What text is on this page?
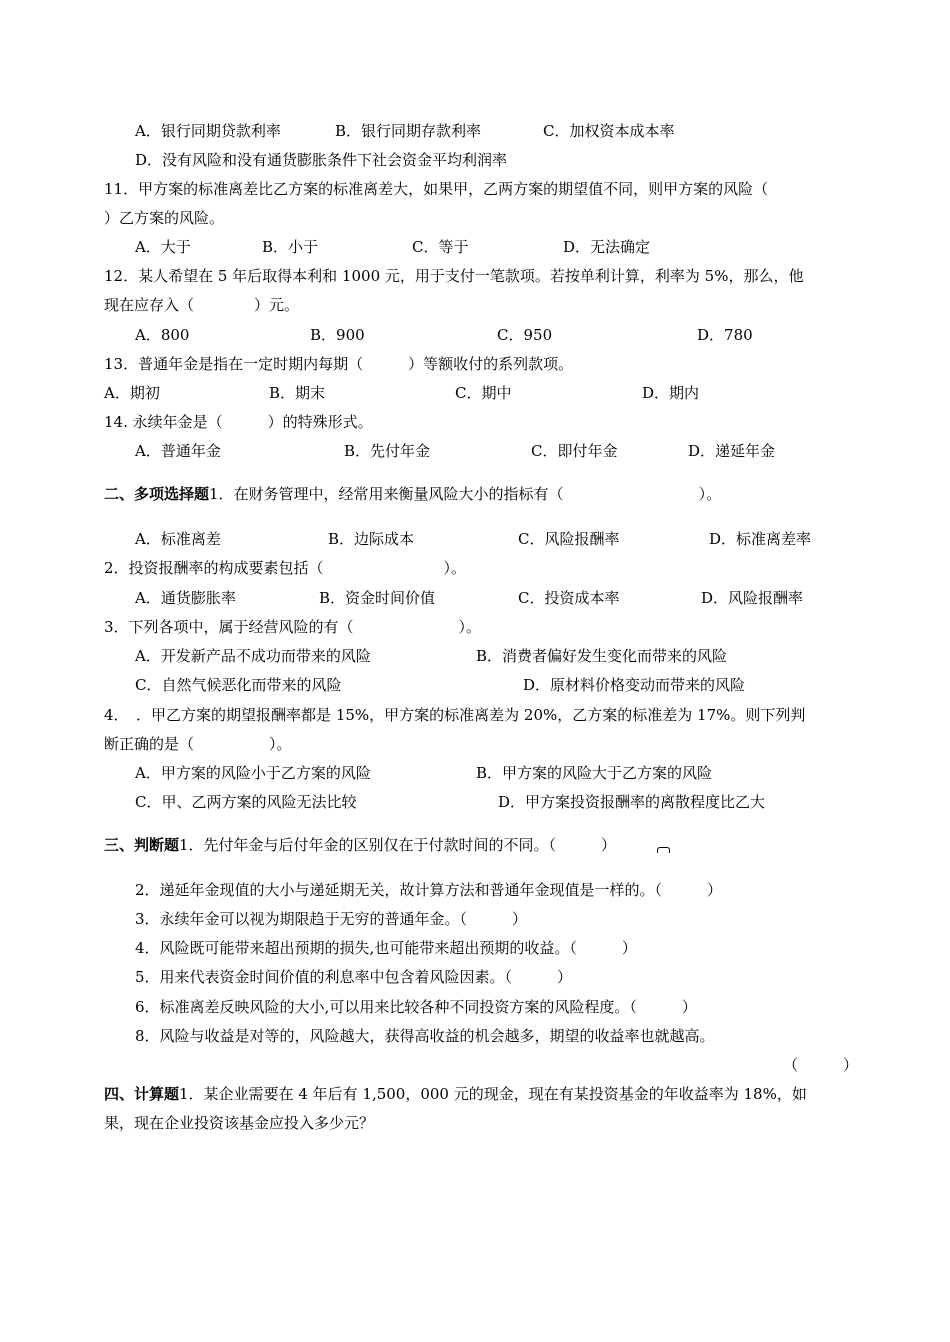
A．银行同期贷款利率	B．银行同期存款利率	C．加权资本成本率
D．没有风险和没有通货膨胀条件下社会资金平均利润率
11．甲方案的标准离差比乙方案的标准离差大，如果甲，乙两方案的期望值不同，则甲方案的风险（
）乙方案的风险。
A．大于	B．小于	C．等于	D．无法确定
12．某人希望在 5 年后取得本利和 1000 元，用于支付一笔款项。若按单利计算，利率为 5%，那么，他
现在应存入（　　　　）元。
A．800	B．900	C．950	D．780
13．普通年金是指在一定时期内每期（　　　）等额收付的系列款项。
A．期初	B．期末	C．期中	D．期内
14. 永续年金是（　　　）的特殊形式。
A．普通年金	B．先付年金	C．即付年金	D．递延年金
二、多项选择题1．在财务管理中，经常用来衡量风险大小的指标有（　　　　　　　　　）。
A．标准离差	B．边际成本	C．风险报酬率	D．标准离差率
2．投资报酬率的构成要素包括（　　　　　　　　）。
A．通货膨胀率	B．资金时间价值	C．投资成本率	D．风险报酬率
3．下列各项中，属于经营风险的有（　　　　　　　）。
A．开发新产品不成功而带来的风险	B．消费者偏好发生变化而带来的风险
C．自然气候恶化而带来的风险	D．原材料价格变动而带来的风险
4．　．甲乙方案的期望报酬率都是 15%，甲方案的标准离差为 20%，乙方案的标准差为 17%。则下列判
断正确的是（　　　　　）。
A．甲方案的风险小于乙方案的风险	B．甲方案的风险大于乙方案的风险
C．甲、乙两方案的风险无法比较	D．甲方案投资报酬率的离散程度比乙大
三、判断题1．先付年金与后付年金的区别仅在于付款时间的不同。（　　　）
2．递延年金现值的大小与递延期无关，故计算方法和普通年金现值是一样的。（　　　）
3．永续年金可以视为期限趋于无穷的普通年金。（　　　）
4．风险既可能带来超出预期的损失,也可能带来超出预期的收益。（　　　）
5．用来代表资金时间价值的利息率中包含着风险因素。（　　　）
6．标准离差反映风险的大小,可以用来比较各种不同投资方案的风险程度。（　　　）
8．风险与收益是对等的，风险越大，获得高收益的机会越多，期望的收益率也就越高。
（　　　）
四、计算题1．某企业需要在 4 年后有 1,500，000 元的现金，现在有某投资基金的年收益率为 18%，如
果，现在企业投资该基金应投入多少元？
